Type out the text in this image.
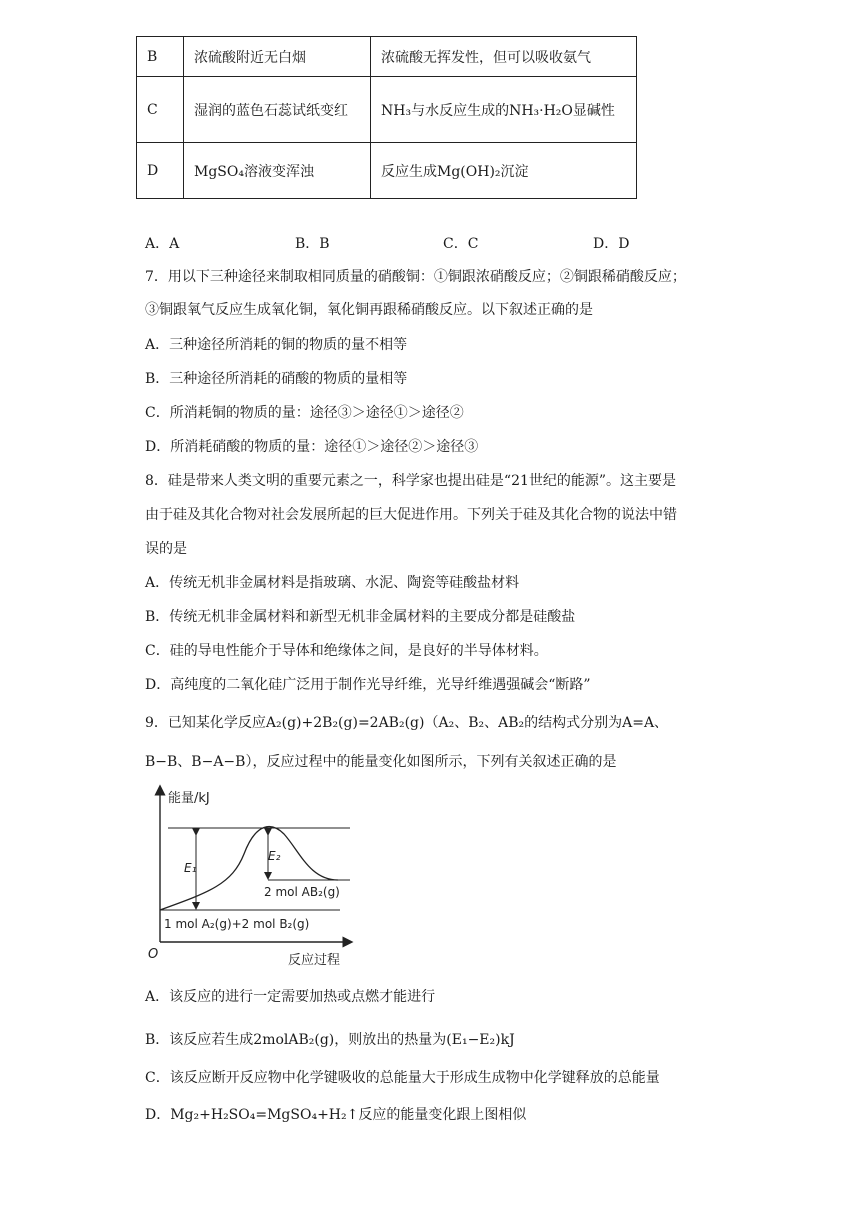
B	浓硫酸附近无白烟	浓硫酸无挥发性，但可以吸收氨气
C	湿润的蓝色石蕊试纸变红	NH₃与水反应生成的NH₃·H₂O显碱性
D	MgSO₄溶液变浑浊	反应生成Mg(OH)₂沉淀
A．A	B．B	C．C	D．D
7．用以下三种途径来制取相同质量的硝酸铜：①铜跟浓硝酸反应；②铜跟稀硝酸反应；
③铜跟氧气反应生成氧化铜，氧化铜再跟稀硝酸反应。以下叙述正确的是
A．三种途径所消耗的铜的物质的量不相等
B．三种途径所消耗的硝酸的物质的量相等
C．所消耗铜的物质的量：途径③＞途径①＞途径②
D．所消耗硝酸的物质的量：途径①＞途径②＞途径③
8．硅是带来人类文明的重要元素之一，科学家也提出硅是“21世纪的能源”。这主要是
由于硅及其化合物对社会发展所起的巨大促进作用。下列关于硅及其化合物的说法中错
误的是
A．传统无机非金属材料是指玻璃、水泥、陶瓷等硅酸盐材料
B．传统无机非金属材料和新型无机非金属材料的主要成分都是硅酸盐
C．硅的导电性能介于导体和绝缘体之间，是良好的半导体材料。
D．高纯度的二氧化硅广泛用于制作光导纤维，光导纤维遇强碱会“断路”
9．已知某化学反应A₂(g)+2B₂(g)=2AB₂(g)（A₂、B₂、AB₂的结构式分别为A=A、
B−B、B−A−B），反应过程中的能量变化如图所示，下列有关叙述正确的是
能量/kJ
反应过程
O
E₁
E₂
2 mol AB₂(g)
1 mol A₂(g)+2 mol B₂(g)
A．该反应的进行一定需要加热或点燃才能进行
B．该反应若生成2molAB₂(g)，则放出的热量为(E₁−E₂)kJ
C．该反应断开反应物中化学键吸收的总能量大于形成生成物中化学键释放的总能量
D．Mg₂+H₂SO₄=MgSO₄+H₂↑反应的能量变化跟上图相似
